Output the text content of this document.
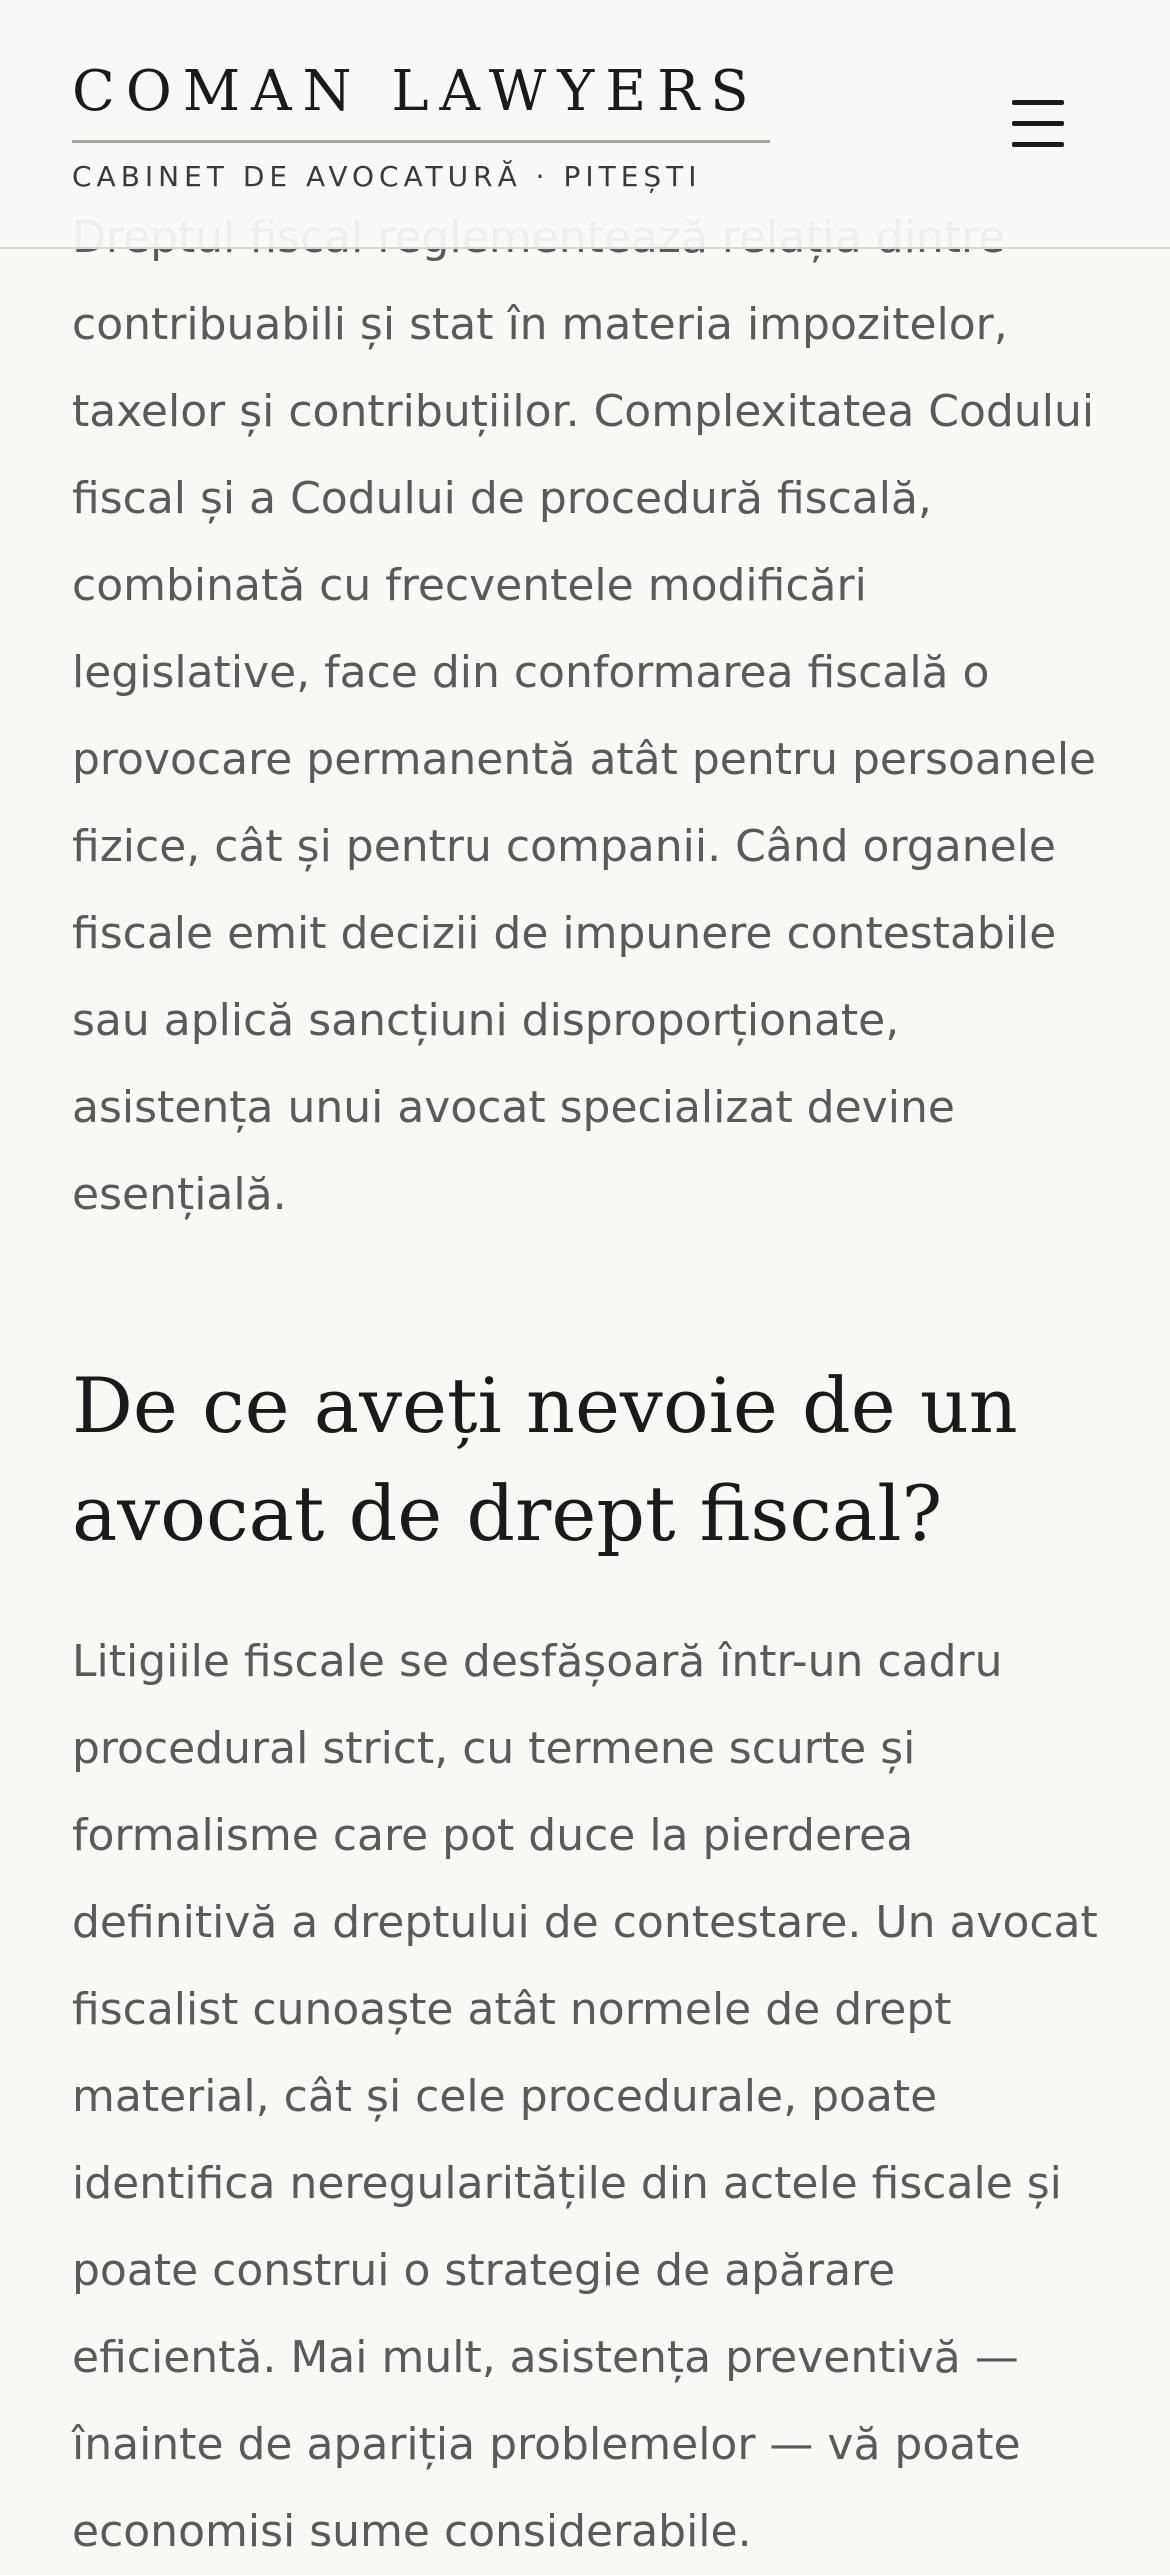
contribuabili și stat în materia impozitelor, taxelor și contribuțiilor. Complexitatea Codului fiscal și a Codului de procedură fiscală, combinată cu frecventele modificări legislative, face din conformarea fiscală o provocare permanentă atât pentru persoanele fizice, cât și pentru companii. Când organele fiscale emit decizii de impunere contestabile sau aplică sancțiuni disproporționate, asistența unui avocat specializat devine esențială.

De ce aveți nevoie de un avocat de drept fiscal?

Litigiile fiscale se desfășoară într-un cadru procedural strict, cu termene scurte și formalisme care pot duce la pierderea definitivă a dreptului de contestare. Un avocat fiscalist cunoaște atât normele de drept material, cât și cele procedurale, poate identifica neregularitățile din actele fiscale și poate construi o strategie de apărare eficientă. Mai mult, asistența preventivă — înainte de apariția problemelor — vă poate economisi sume considerabile.

COMAN LAWYERS
CABINET DE AVOCATURĂ · PITEȘTI
